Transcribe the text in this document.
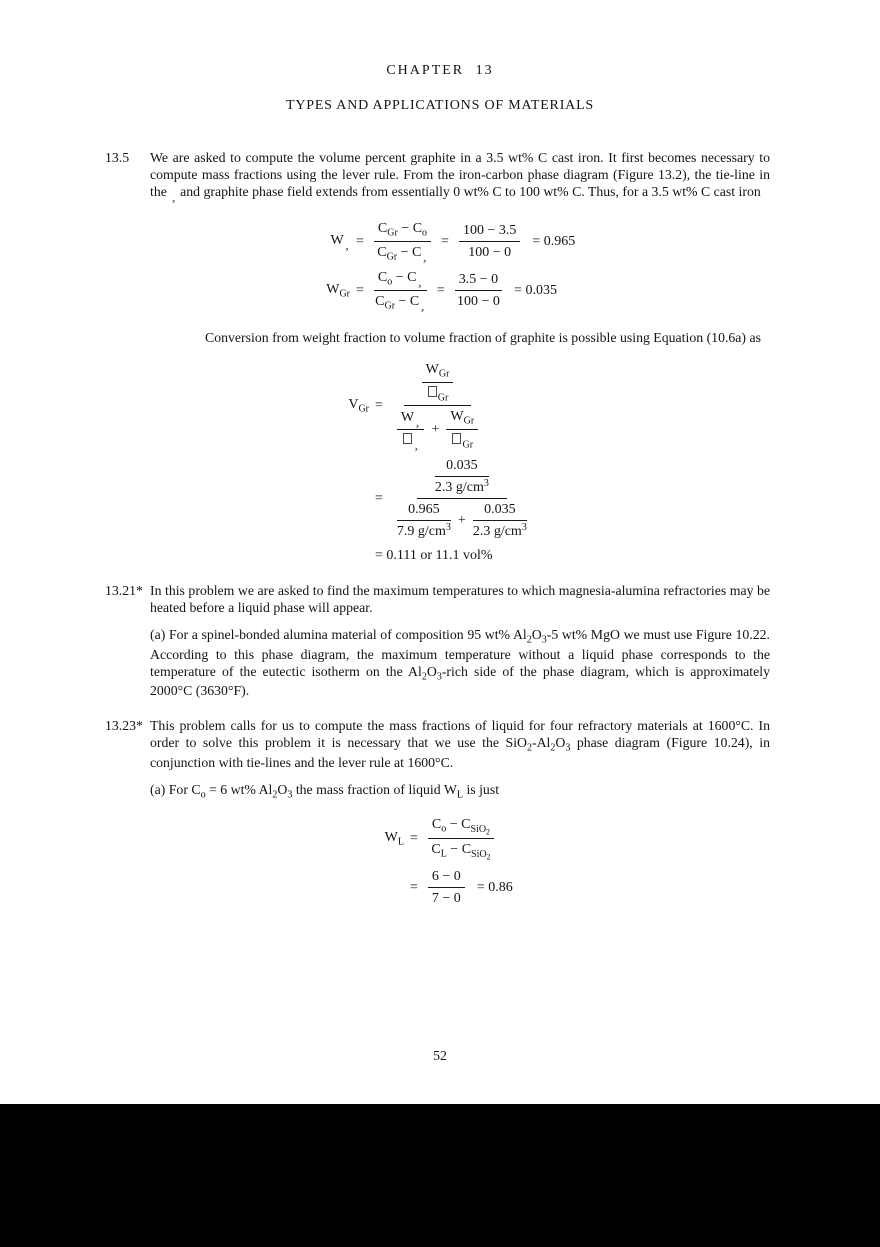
CHAPTER 13
TYPES AND APPLICATIONS OF MATERIALS
13.5 We are asked to compute the volume percent graphite in a 3.5 wt% C cast iron. It first becomes necessary to compute mass fractions using the lever rule. From the iron-carbon phase diagram (Figure 13.2), the tie-line in the ¸ and graphite phase field extends from essentially 0 wt% C to 100 wt% C. Thus, for a 3.5 wt% C cast iron

W¸ = $\frac{C_{Gr} - C_o}{C_{Gr} - C¸} = \frac{100 - 3.5}{100 - 0} = 0.965$
$W_{Gr} = \frac{C_o - C¸}{C_{Gr} - C¸} = \frac{3.5 - 0}{100 - 0} = 0.035$

Conversion from weight fraction to volume fraction of graphite is possible using Equation (10.6a) as

$V_{Gr}$ =
$\frac{W_{Gr}}{_{Gr}}$
$\frac{W¸}{¸} + \frac{W_{Gr}}{_{Gr}}$
=
$\frac{0.035}{2.3 g/cm^3}$
$\frac{0.965}{7.9 g/cm^3} + \frac{0.035}{2.3 g/cm^3}$
= 0.111 or 11.1 vol%
13.21* In this problem we are asked to find the maximum temperatures to which magnesia-alumina refractories may be heated before a liquid phase will appear.

(a) For a spinel-bonded alumina material of composition 95 wt% $Al_2O_3-5$ wt% MgO we must use Figure 10.22. According to this phase diagram, the maximum temperature without a liquid phase corresponds to the temperature of the eutectic isotherm on the $Al_2O_3$-rich side of the phase diagram, which is approximately 2000°C (3630°F).

13.23* This problem calls for us to compute the mass fractions of liquid for four refractory materials at 1600°C. In order to solve this problem it is necessary that we use the $SiO_2-Al_2O_3$ phase diagram (Figure 10.24), in conjunction with tie-lines and the lever rule at 1600°C.

(a) For $C_o = 6$ wt% $Al_2O_3$ the mass fraction of liquid $W_L$ is just

$W_L = \frac{C_o - C_{SiO_2}}{C_L - C_{SiO_2}}$
= $\frac{6 - 0}{7 - 0} = 0.86$
52
